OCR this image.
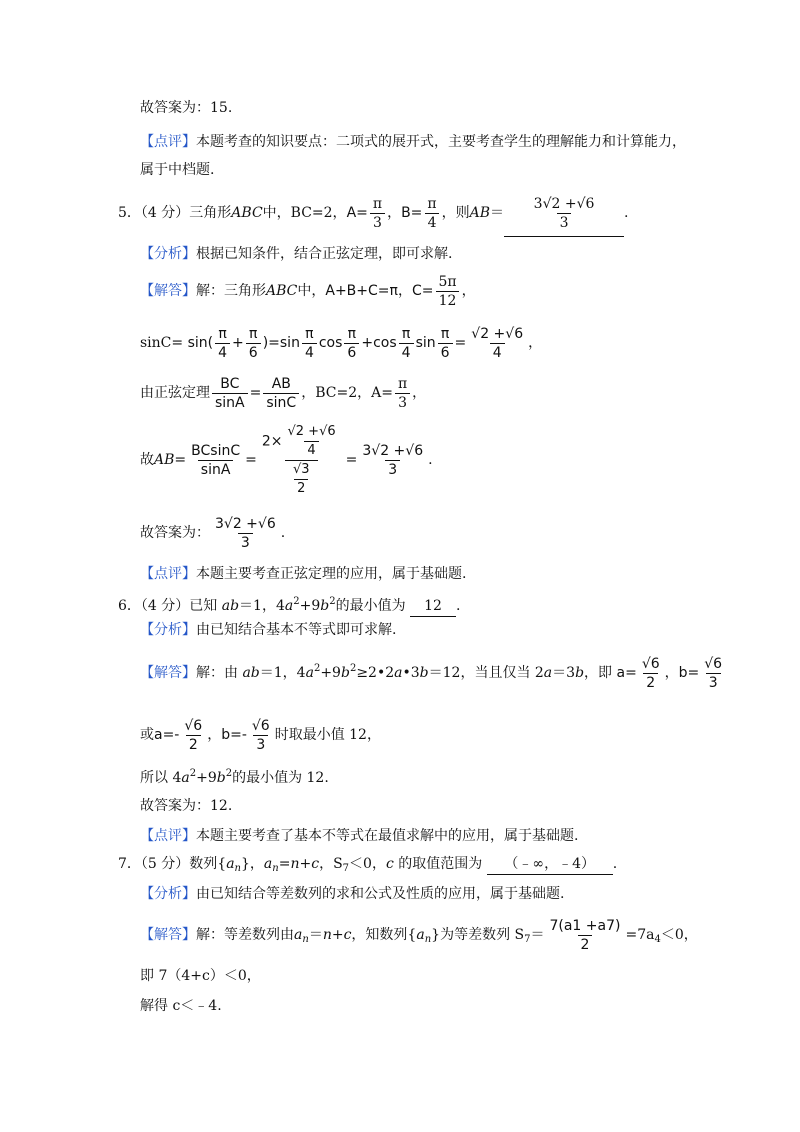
故答案为：15.
【点评】本题考查的知识要点：二项式的展开式，主要考查学生的理解能力和计算能力，
属于中档题.
5．（4 分）三角形ABC中，BC=2，$A= \frac{\pi}{3}$ ，$B= \frac{\pi}{4}$ ，则$AB= \frac{3√2 +√6}{3}$ .
【分析】根据已知条件，结合正弦定理，即可求解.
【解答】解：三角形ABC中，A+B+C=π，$C= \frac{5\pi}{12}$ ，
$\sin C= \sin( \frac{\pi}{4} + \frac{\pi}{6} )=\sin \frac{\pi}{4}$ $\cos \frac{\pi}{6} +\cos \frac{\pi}{4}$ $\sin \frac{\pi}{6} = \frac{√2 +√6}{4}$ ，
由正弦定理 $\frac{BC}{\sin A} = \frac{AB}{\sin C}$ ，BC=2，$A= \frac{\pi}{3}$ ，
故$AB= \frac{BCsinC}{\sin A} = \frac{2\times \frac{√2 +√6}{4}}{\frac{√3}{2}} = \frac{3√2 +√6}{3}$ .
故答案为： $\frac{3√2 +√6}{3}$ .
【点评】本题主要考查正弦定理的应用，属于基础题.
6．（4 分）已知 ab＝1，$4a^2+9b^2$的最小值为 12 .
【分析】由已知结合基本不等式即可求解.
【解答】解：由 ab＝1，$4a^2+9b^2\ge 2•2a•3b=12$，当且仅当 2a＝3b，即 $a= \frac{√6}{2}$ ，$b= \frac{√6}{3}$
或$a=- \frac{√6}{2}$ ，$b=- \frac{√6}{3}$ 时取最小值 12，
所以 $4a^2+9b^2$的最小值为 12.
故答案为：12.
【点评】本题主要考查了基本不等式在最值求解中的应用，属于基础题.
7．（5 分）数列$\{a_n\}$，$a_n=n+c$，$S_7<0$，c 的取值范围为 （﹣∞，﹣4） .
【分析】由已知结合等差数列的求和公式及性质的应用，属于基础题.
【解答】解：等差数列由$a_n=n+c$，知数列$\{a_n\}$为等差数列 $S_7= \frac{7(a1 +a7)}{2} =7a_4<0$，
即 7（4+c）＜0，
解得 c＜﹣4.
